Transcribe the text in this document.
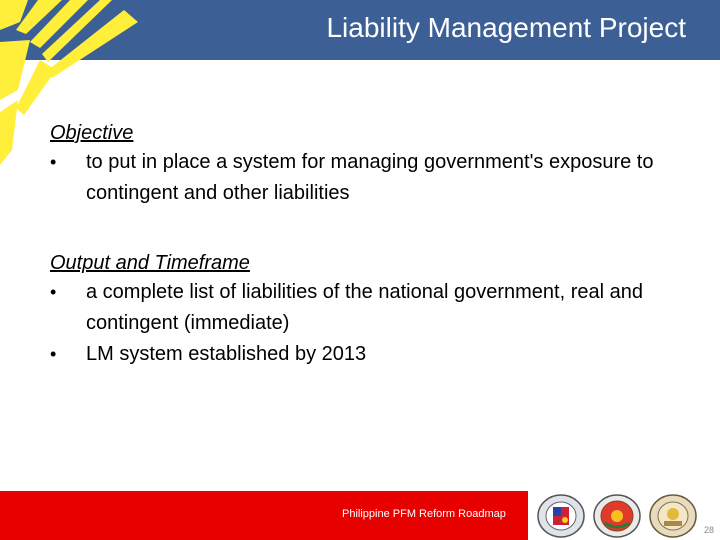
Liability Management Project
Objective
•	to put in place a system for managing government's exposure to contingent and other liabilities
Output and Timeframe
•	a complete list of liabilities of the national government, real and contingent (immediate)
•	LM system established by 2013
Philippine PFM Reform Roadmap
28
